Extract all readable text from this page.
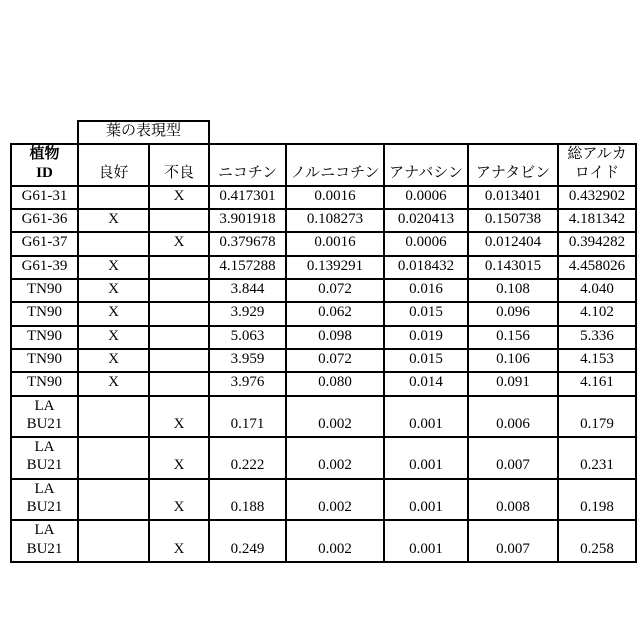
	葉の表現型						
植物
ID	良好	不良	ニコチン	ノルニコチン	アナバシン	アナタビン	総アルカ
ロイド
G61-31		X	0.417301	0.0016	0.0006	0.013401	0.432902
G61-36	X		3.901918	0.108273	0.020413	0.150738	4.181342
G61-37		X	0.379678	0.0016	0.0006	0.012404	0.394282
G61-39	X		4.157288	0.139291	0.018432	0.143015	4.458026
TN90	X		3.844	0.072	0.016	0.108	4.040
TN90	X		3.929	0.062	0.015	0.096	4.102
TN90	X		5.063	0.098	0.019	0.156	5.336
TN90	X		3.959	0.072	0.015	0.106	4.153
TN90	X		3.976	0.080	0.014	0.091	4.161
LA
BU21		X	0.171	0.002	0.001	0.006	0.179
LA
BU21		X	0.222	0.002	0.001	0.007	0.231
LA
BU21		X	0.188	0.002	0.001	0.008	0.198
LA
BU21		X	0.249	0.002	0.001	0.007	0.258
